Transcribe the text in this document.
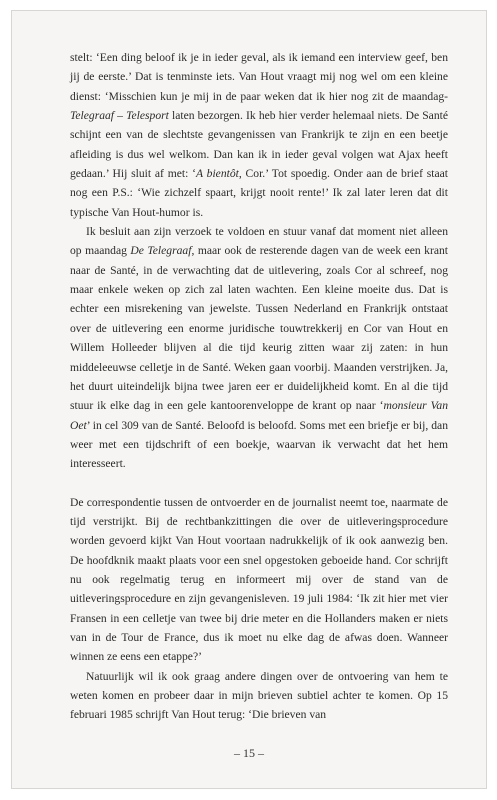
stelt: ‘Een ding beloof ik je in ieder geval, als ik iemand een interview geef, ben jij de eerste.’ Dat is tenminste iets. Van Hout vraagt mij nog wel om een kleine dienst: ‘Misschien kun je mij in de paar weken dat ik hier nog zit de maandag-Telegraaf – Telesport laten bezorgen. Ik heb hier verder helemaal niets. De Santé schijnt een van de slechtste gevangenissen van Frankrijk te zijn en een beetje afleiding is dus wel welkom. Dan kan ik in ieder geval volgen wat Ajax heeft gedaan.’ Hij sluit af met: ‘A bientôt, Cor.’ Tot spoedig. Onder aan de brief staat nog een P.S.: ‘Wie zichzelf spaart, krijgt nooit rente!’ Ik zal later leren dat dit typische Van Hout-humor is.

Ik besluit aan zijn verzoek te voldoen en stuur vanaf dat moment niet alleen op maandag De Telegraaf, maar ook de resterende dagen van de week een krant naar de Santé, in de verwachting dat de uitlevering, zoals Cor al schreef, nog maar enkele weken op zich zal laten wachten. Een kleine moeite dus. Dat is echter een misrekening van jewelste. Tussen Nederland en Frankrijk ontstaat over de uitlevering een enorme juridische touwtrekkerij en Cor van Hout en Willem Holleeder blijven al die tijd keurig zitten waar zij zaten: in hun middeleeuwse celletje in de Santé. Weken gaan voorbij. Maanden verstrijken. Ja, het duurt uiteindelijk bijna twee jaren eer er duidelijkheid komt. En al die tijd stuur ik elke dag in een gele kantoorenveloppe de krant op naar ‘monsieur Van Oet’ in cel 309 van de Santé. Beloofd is beloofd. Soms met een briefje er bij, dan weer met een tijdschrift of een boekje, waarvan ik verwacht dat het hem interesseert.

De correspondentie tussen de ontvoerder en de journalist neemt toe, naarmate de tijd verstrijkt. Bij de rechtbankzittingen die over de uitleveringsprocedure worden gevoerd kijkt Van Hout voortaan nadrukkelijk of ik ook aanwezig ben. De hoofdknik maakt plaats voor een snel opgestoken geboeide hand. Cor schrijft nu ook regelmatig terug en informeert mij over de stand van de uitleveringsprocedure en zijn gevangenisleven. 19 juli 1984: ‘Ik zit hier met vier Fransen in een celletje van twee bij drie meter en die Hollanders maken er niets van in de Tour de France, dus ik moet nu elke dag de afwas doen. Wanneer winnen ze eens een etappe?’

Natuurlijk wil ik ook graag andere dingen over de ontvoering van hem te weten komen en probeer daar in mijn brieven subtiel achter te komen. Op 15 februari 1985 schrijft Van Hout terug: ‘Die brieven van

– 15 –
